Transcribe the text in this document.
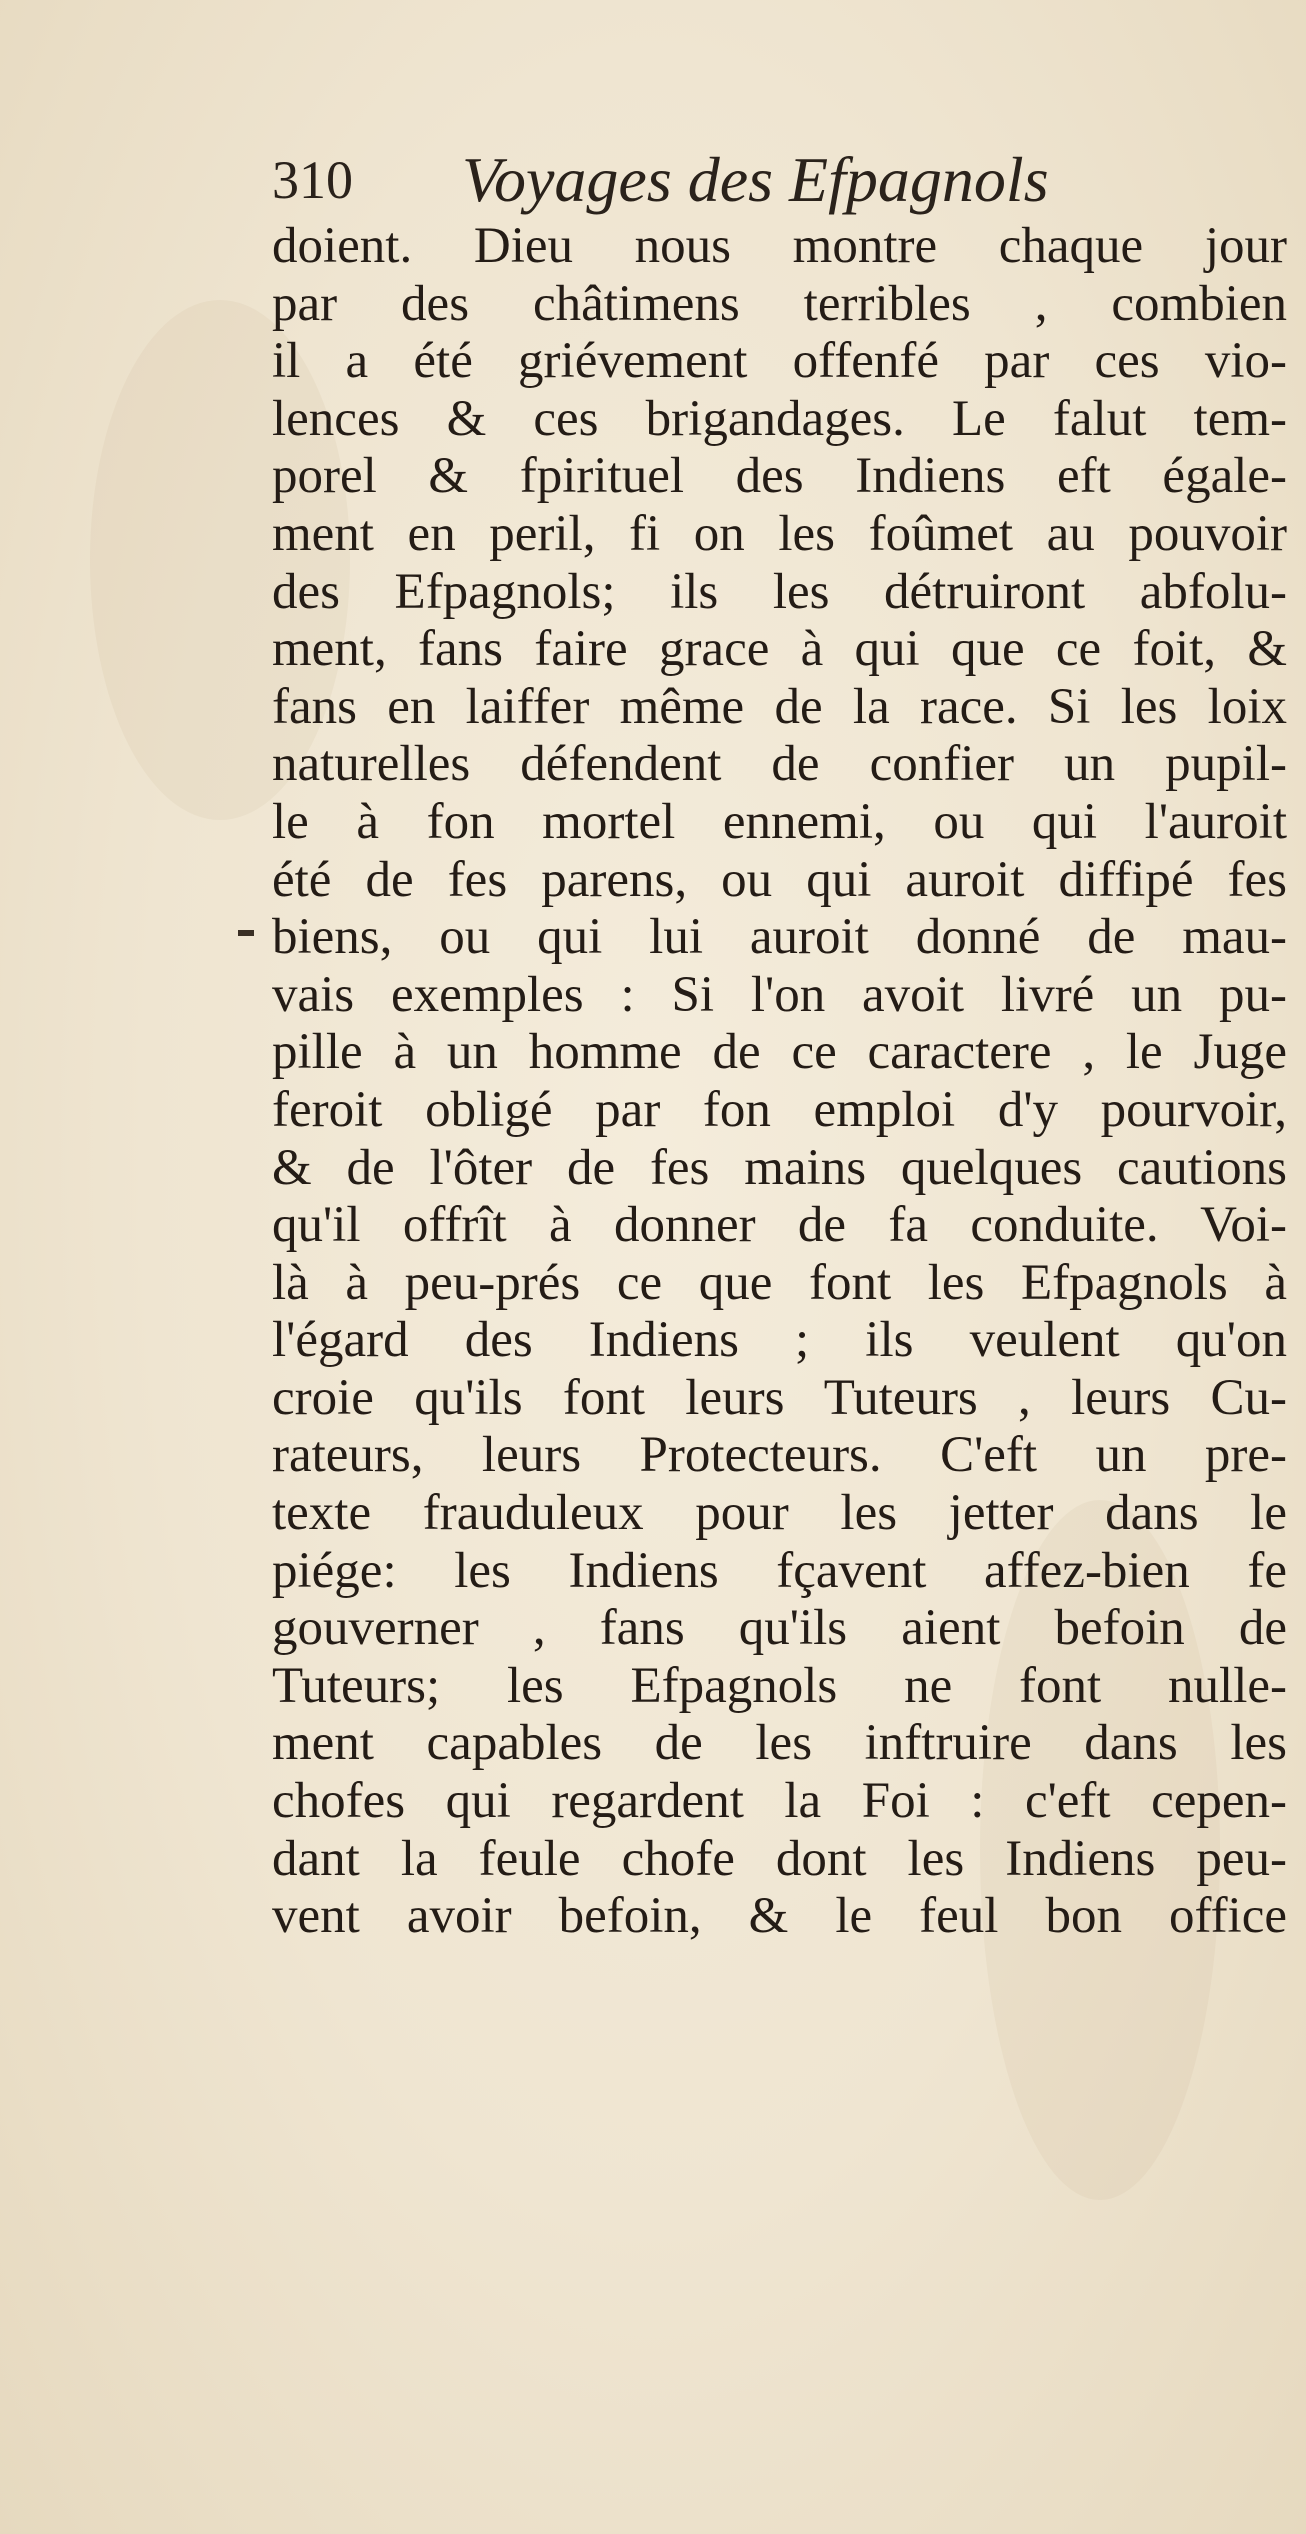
310 Voyages des Efpagnols
doient. Dieu nous montre chaque jour
par des châtimens terribles , combien
il a été griévement offenfé par ces vio-
lences & ces brigandages. Le falut tem-
porel & fpirituel des Indiens eft égale-
ment en peril, fi on les foûmet au pouvoir
des Efpagnols; ils les détruiront abfolu-
ment, fans faire grace à qui que ce foit, &
fans en laiffer même de la race. Si les loix
naturelles défendent de confier un pupil-
le à fon mortel ennemi, ou qui l'auroit
été de fes parens, ou qui auroit diffipé fes
biens, ou qui lui auroit donné de mau-
vais exemples : Si l'on avoit livré un pu-
pille à un homme de ce caractere , le Juge
feroit obligé par fon emploi d'y pourvoir,
& de l'ôter de fes mains quelques cautions
qu'il offrît à donner de fa conduite. Voi-
là à peu-prés ce que font les Efpagnols à
l'égard des Indiens ; ils veulent qu'on
croie qu'ils font leurs Tuteurs , leurs Cu-
rateurs, leurs Protecteurs. C'eft un pre-
texte frauduleux pour les jetter dans le
piége: les Indiens fçavent affez-bien fe
gouverner , fans qu'ils aient befoin de
Tuteurs; les Efpagnols ne font nulle-
ment capables de les inftruire dans les
chofes qui regardent la Foi : c'eft cepen-
dant la feule chofe dont les Indiens peu-
vent avoir befoin, & le feul bon office
